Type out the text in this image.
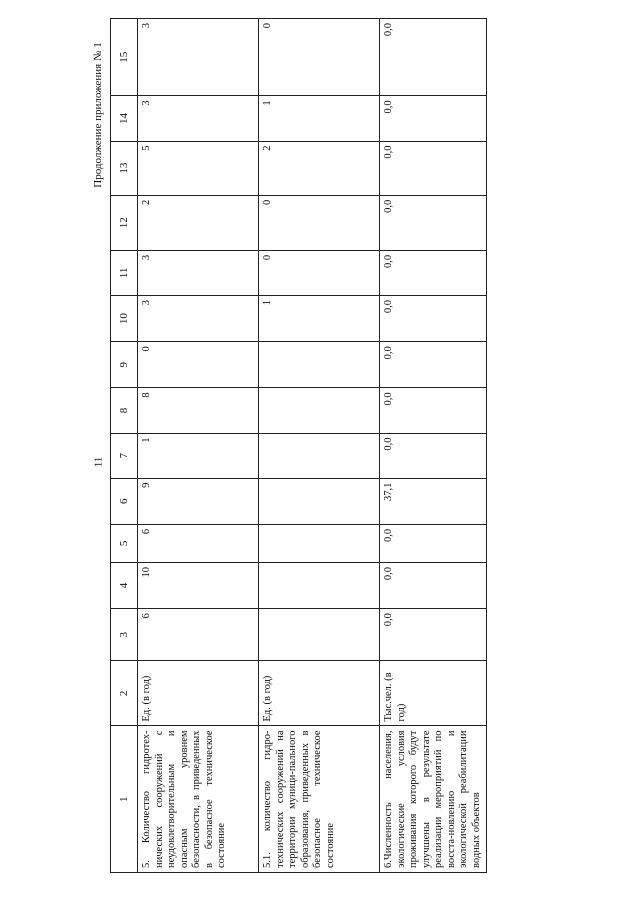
11
Продолжение приложения № 1
1	2	3	4	5	6	7	8	9	10	11	12	13	14	15
5. Количество гидротех-нических сооружений с неудовлетворительным и опасным уровнем безопасности, в приведенных в безопасное техническое состояние	Ед. (в год)	6	10	6	9	1	8	0	3	3	2	5	3	3
5.1. количество гидро-технических сооружений на территории муници-пального образования, приведенных в безопасное техническое состояние	Ед. (в год)								1	0	0	2	1	0
6.Численность населения, экологические условия проживания которого будут улучшены в результате реализации мероприятий по восста-новлению и экологической реабилитации водных объектов	Тыс.чел. (в год)	0,0	0,0	0,0	37,1	0,0	0,0	0,0	0,0	0,0	0,0	0,0	0,0	0,0
